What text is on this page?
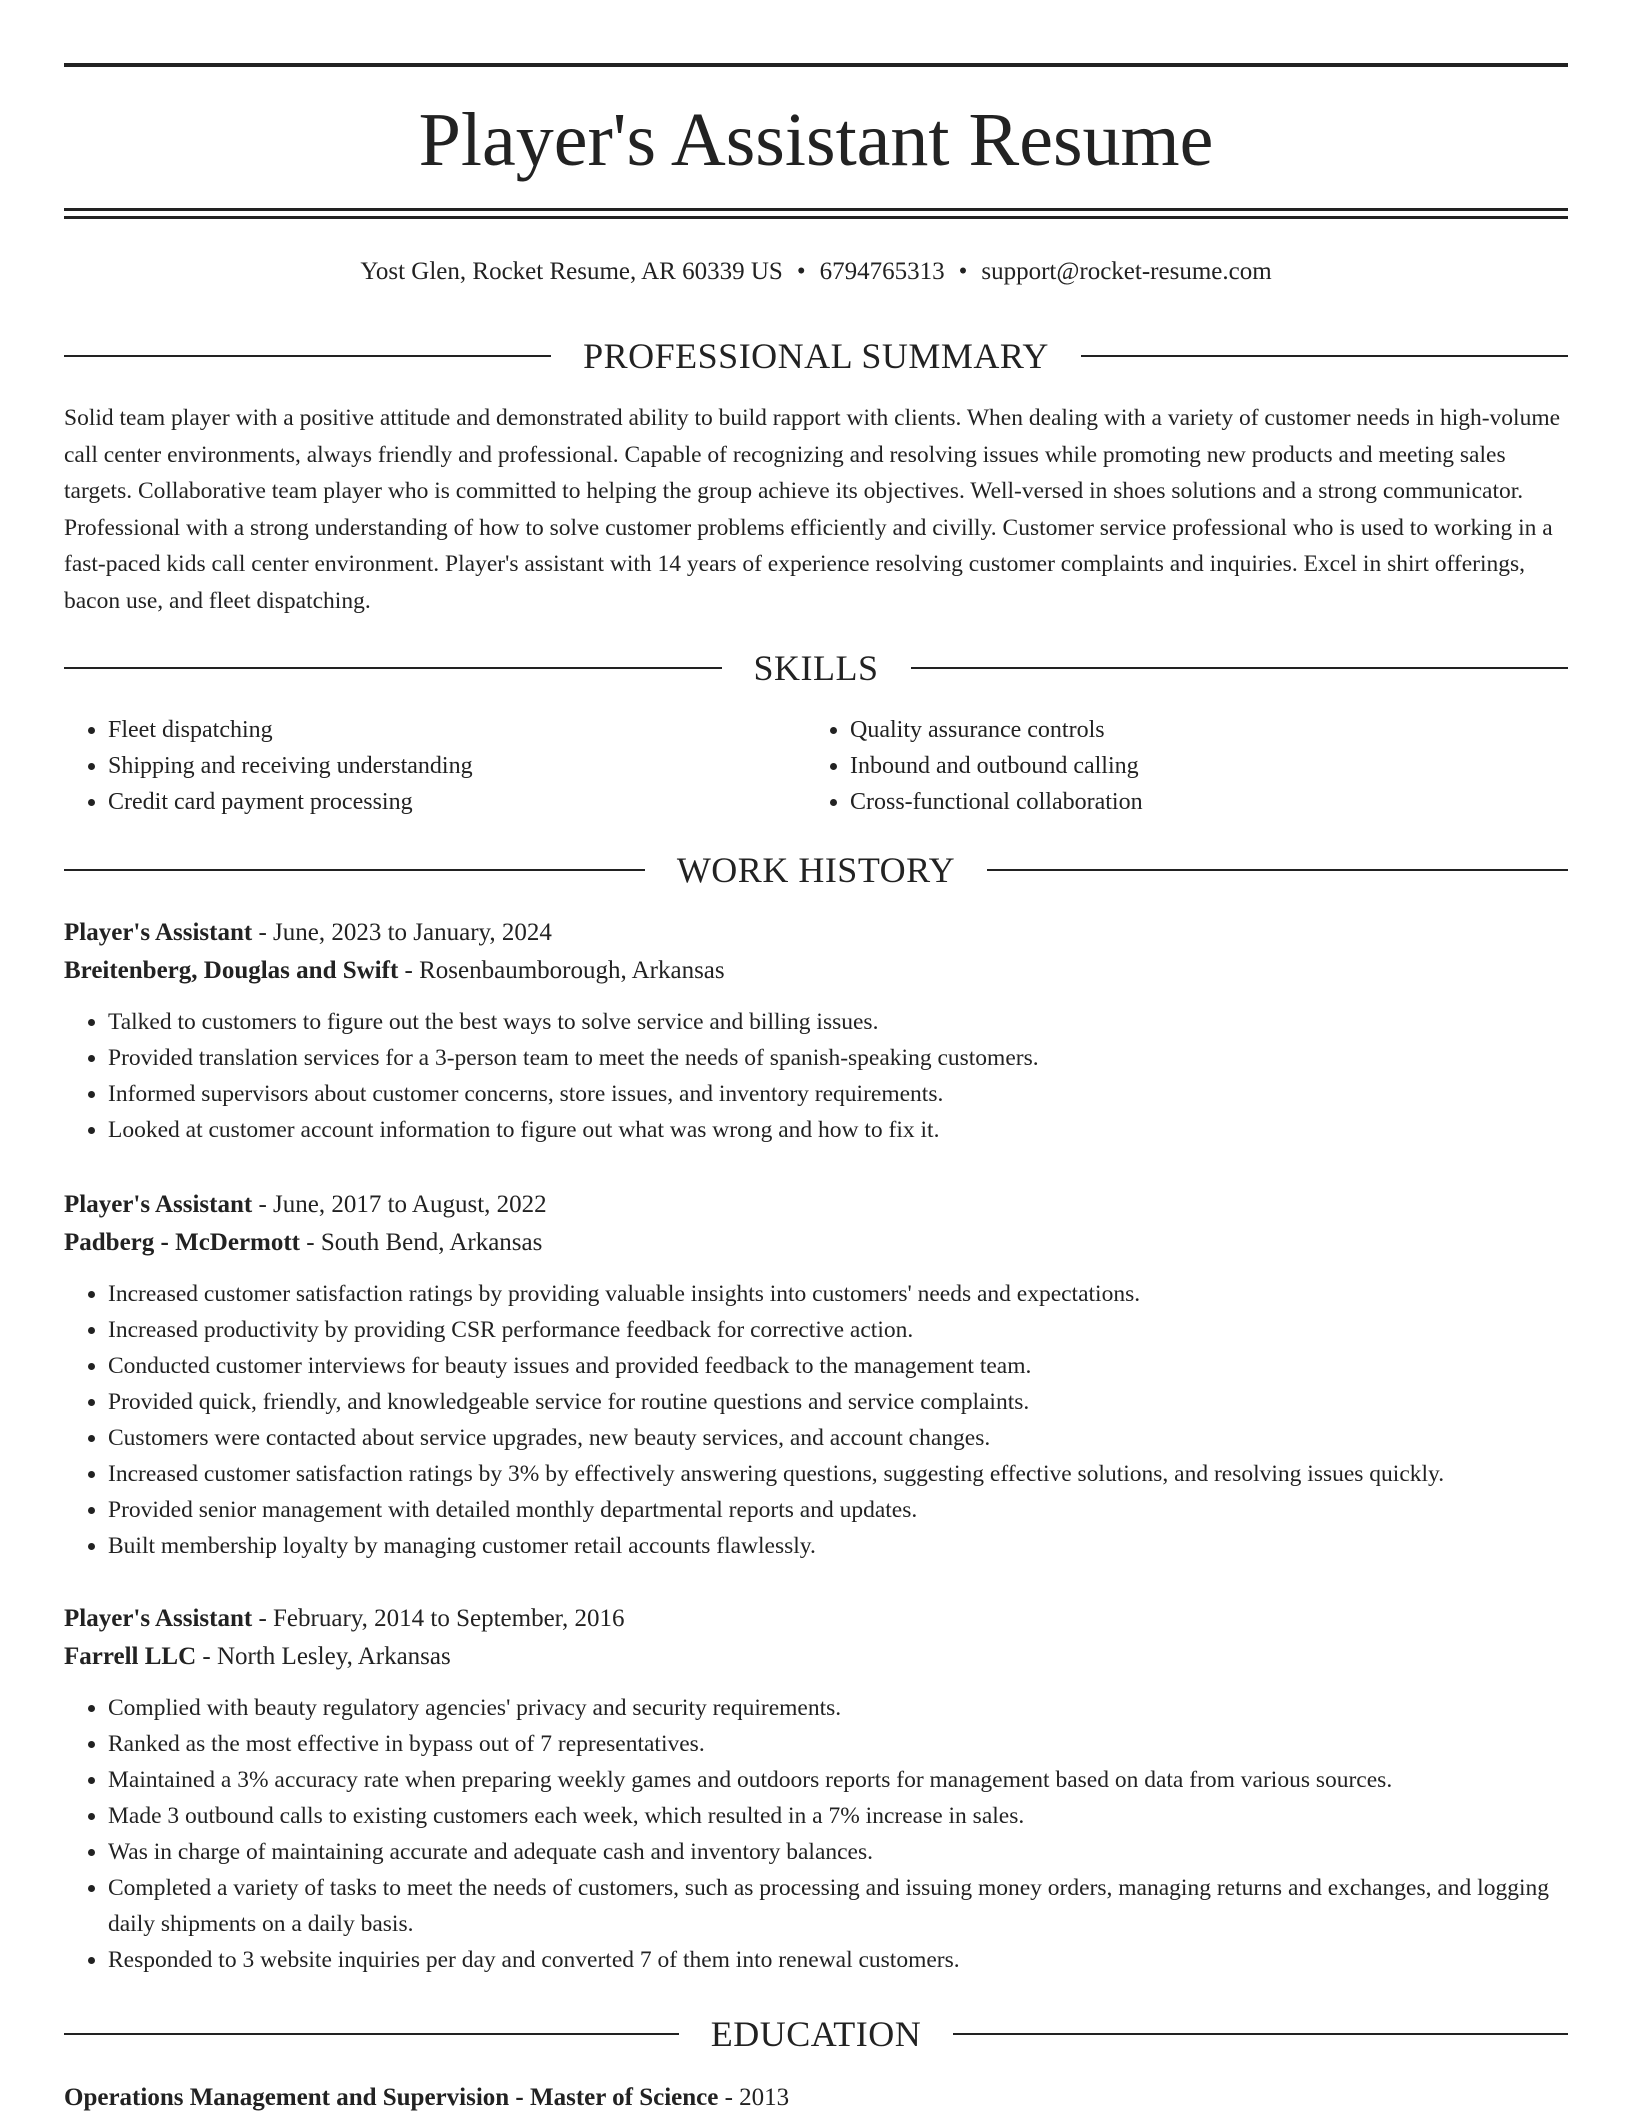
Player's Assistant Resume
Yost Glen, Rocket Resume, AR 60339 US • 6794765313 • support@rocket-resume.com
PROFESSIONAL SUMMARY

Solid team player with a positive attitude and demonstrated ability to build rapport with clients. When dealing with a variety of customer needs in high-volume call center environments, always friendly and professional. Capable of recognizing and resolving issues while promoting new products and meeting sales targets. Collaborative team player who is committed to helping the group achieve its objectives. Well-versed in shoes solutions and a strong communicator. Professional with a strong understanding of how to solve customer problems efficiently and civilly. Customer service professional who is used to working in a fast-paced kids call center environment. Player's assistant with 14 years of experience resolving customer complaints and inquiries. Excel in shirt offerings, bacon use, and fleet dispatching.

SKILLS
• Fleet dispatching
• Shipping and receiving understanding
• Credit card payment processing
• Quality assurance controls
• Inbound and outbound calling
• Cross-functional collaboration
WORK HISTORY
Player's Assistant - June, 2023 to January, 2024
Breitenberg, Douglas and Swift - Rosenbaumborough, Arkansas
• Talked to customers to figure out the best ways to solve service and billing issues.
• Provided translation services for a 3-person team to meet the needs of spanish-speaking customers.
• Informed supervisors about customer concerns, store issues, and inventory requirements.
• Looked at customer account information to figure out what was wrong and how to fix it.
Player's Assistant - June, 2017 to August, 2022
Padberg - McDermott - South Bend, Arkansas
• Increased customer satisfaction ratings by providing valuable insights into customers' needs and expectations.
• Increased productivity by providing CSR performance feedback for corrective action.
• Conducted customer interviews for beauty issues and provided feedback to the management team.
• Provided quick, friendly, and knowledgeable service for routine questions and service complaints.
• Customers were contacted about service upgrades, new beauty services, and account changes.
• Increased customer satisfaction ratings by 3% by effectively answering questions, suggesting effective solutions, and resolving issues quickly.
• Provided senior management with detailed monthly departmental reports and updates.
• Built membership loyalty by managing customer retail accounts flawlessly.
Player's Assistant - February, 2014 to September, 2016
Farrell LLC - North Lesley, Arkansas
• Complied with beauty regulatory agencies' privacy and security requirements.
• Ranked as the most effective in bypass out of 7 representatives.
• Maintained a 3% accuracy rate when preparing weekly games and outdoors reports for management based on data from various sources.
• Made 3 outbound calls to existing customers each week, which resulted in a 7% increase in sales.
• Was in charge of maintaining accurate and adequate cash and inventory balances.
• Completed a variety of tasks to meet the needs of customers, such as processing and issuing money orders, managing returns and exchanges, and logging daily shipments on a daily basis.
• Responded to 3 website inquiries per day and converted 7 of them into renewal customers.
EDUCATION
Operations Management and Supervision - Master of Science - 2013
